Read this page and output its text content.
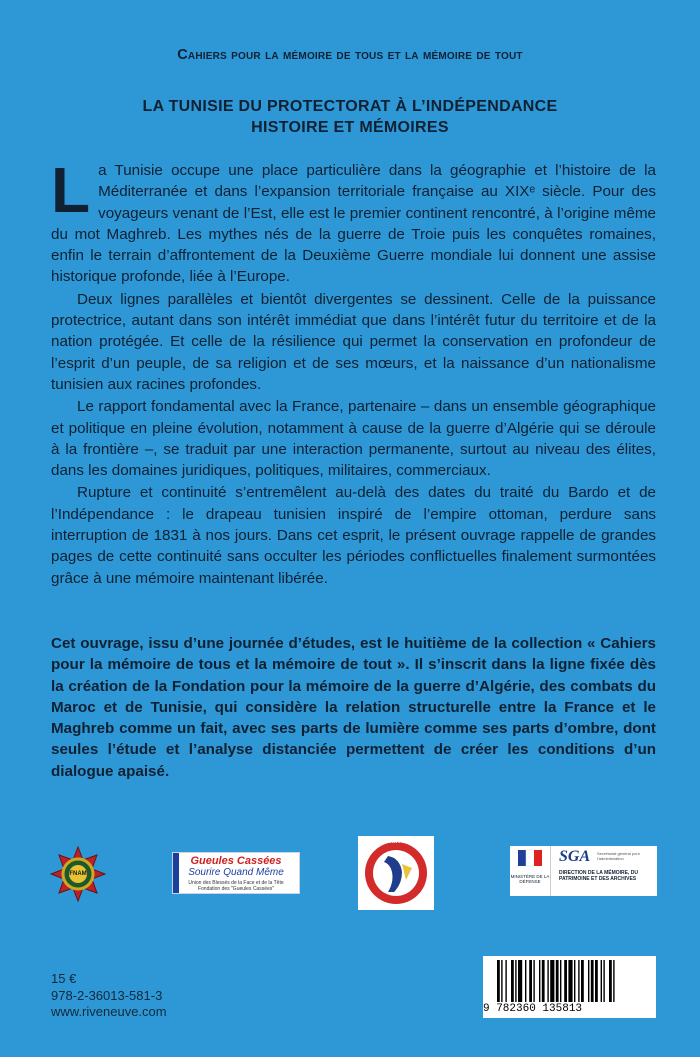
Cahiers pour la mémoire de tous et la mémoire de tout
LA TUNISIE DU PROTECTORAT À L’INDÉPENDANCE
HISTOIRE ET MÉMOIRES

La Tunisie occupe une place particulière dans la géographie et l’histoire de la Méditerranée et dans l’expansion territoriale française au XIXᵉ siècle. Pour des voyageurs venant de l’Est, elle est le premier continent rencontré, à l’origine même du mot Maghreb. Les mythes nés de la guerre de Troie puis les conquêtes romaines, enfin le terrain d’affrontement de la Deuxième Guerre mondiale lui donnent une assise historique profonde, liée à l’Europe.

Deux lignes parallèles et bientôt divergentes se dessinent. Celle de la puissance protectrice, autant dans son intérêt immédiat que dans l’intérêt futur du territoire et de la nation protégée. Et celle de la résilience qui permet la conservation en profondeur de l’esprit d’un peuple, de sa religion et de ses mœurs, et la naissance d’un nationalisme tunisien aux racines profondes.

Le rapport fondamental avec la France, partenaire – dans un ensemble géographique et politique en pleine évolution, notamment à cause de la guerre d’Algérie qui se déroule à la frontière –, se traduit par une interaction permanente, surtout au niveau des élites, dans les domaines juridiques, politiques, militaires, commerciaux.

Rupture et continuité s’entremêlent au-delà des dates du traité du Bardo et de l’Indépendance : le drapeau tunisien inspiré de l’empire ottoman, perdure sans interruption de 1831 à nos jours. Dans cet esprit, le présent ouvrage rappelle de grandes pages de cette continuité sans occulter les périodes conflictuelles finalement surmontées grâce à une mémoire maintenant libérée.

Cet ouvrage, issu d’une journée d’études, est le huitième de la collection « Cahiers pour la mémoire de tous et la mémoire de tout ». Il s’inscrit dans la ligne fixée dès la création de la Fondation pour la mémoire de la guerre d’Algérie, des combats du Maroc et de Tunisie, qui considère la relation structurelle entre la France et le Maghreb comme un fait, avec ses parts de lumière comme ses parts d’ombre, dont seules l’étude et l’analyse distanciée permettent de créer les conditions d’un dialogue apaisé.

FNAM
Gueules Cassées
Sourire Quand Même
Union des Blessés de la Face et de la Tête Fondation des "Gueules Cassées"
LE SOUVENIR FRANÇAIS
MINISTÈRE DE LA DÉFENSE
SGA Secrétariat général pour l’administration
DIRECTION DE LA MÉMOIRE, DU PATRIMOINE ET DES ARCHIVES
15 €
978-2-36013-581-3
www.riveneuve.com	9 782360 135813
